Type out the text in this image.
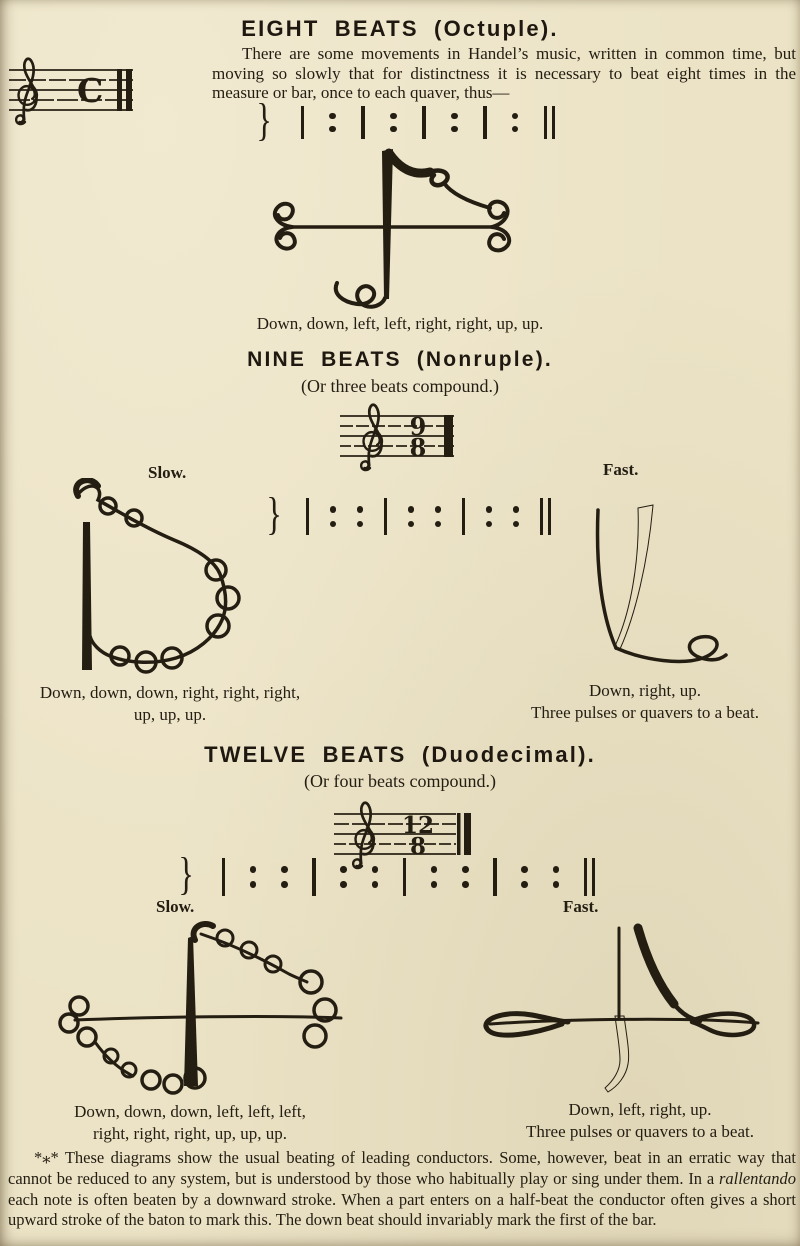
EIGHT BEATS (Octuple).
C

There are some movements in Handel’s music, written in common time, but moving so slowly that for distinctness it is necessary to beat eight times in the measure or bar, once to each quaver, thus—

}
Down, down, left, left, right, right, up, up.
NINE BEATS (Nonruple).
(Or three beats compound.)
9
8
Slow.	Fast.
}
Down, down, down, right, right, right,
up, up, up.
Down, right, up.
Three pulses or quavers to a beat.
TWELVE BEATS (Duodecimal).
(Or four beats compound.)
12
8
}
Slow.	Fast.
Down, down, down, left, left, left,
right, right, right, up, up, up.
Down, left, right, up.
Three pulses or quavers to a beat.

*⁎* These diagrams show the usual beating of leading conductors. Some, however, beat in an erratic way that cannot be reduced to any system, but is understood by those who habitually play or sing under them. In a rallentando each note is often beaten by a downward stroke. When a part enters on a half-beat the conductor often gives a short upward stroke of the baton to mark this. The down beat should invariably mark the first of the bar.
